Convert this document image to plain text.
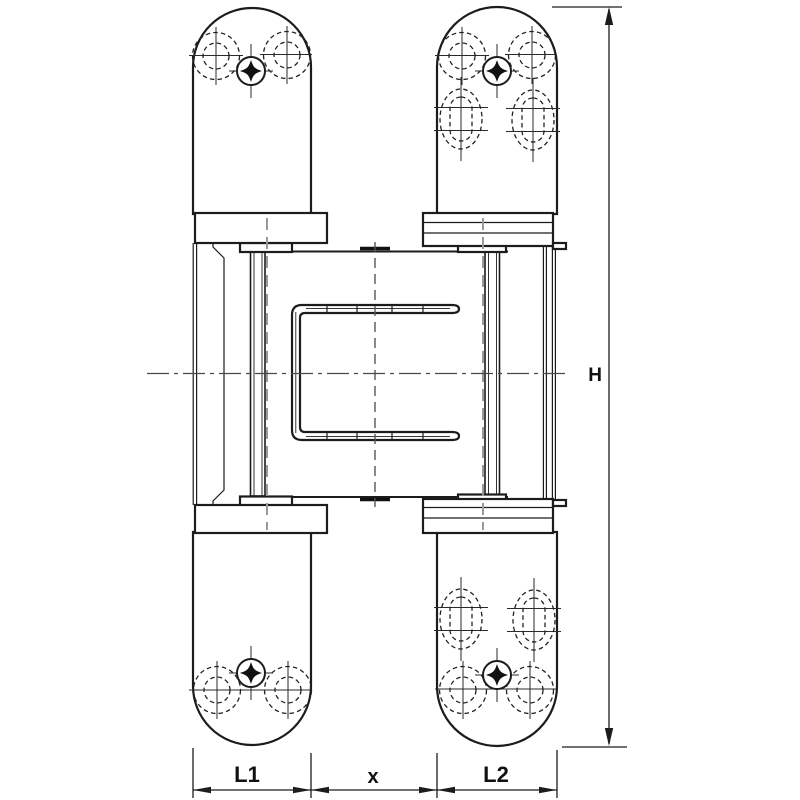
H
L1	x	L2
